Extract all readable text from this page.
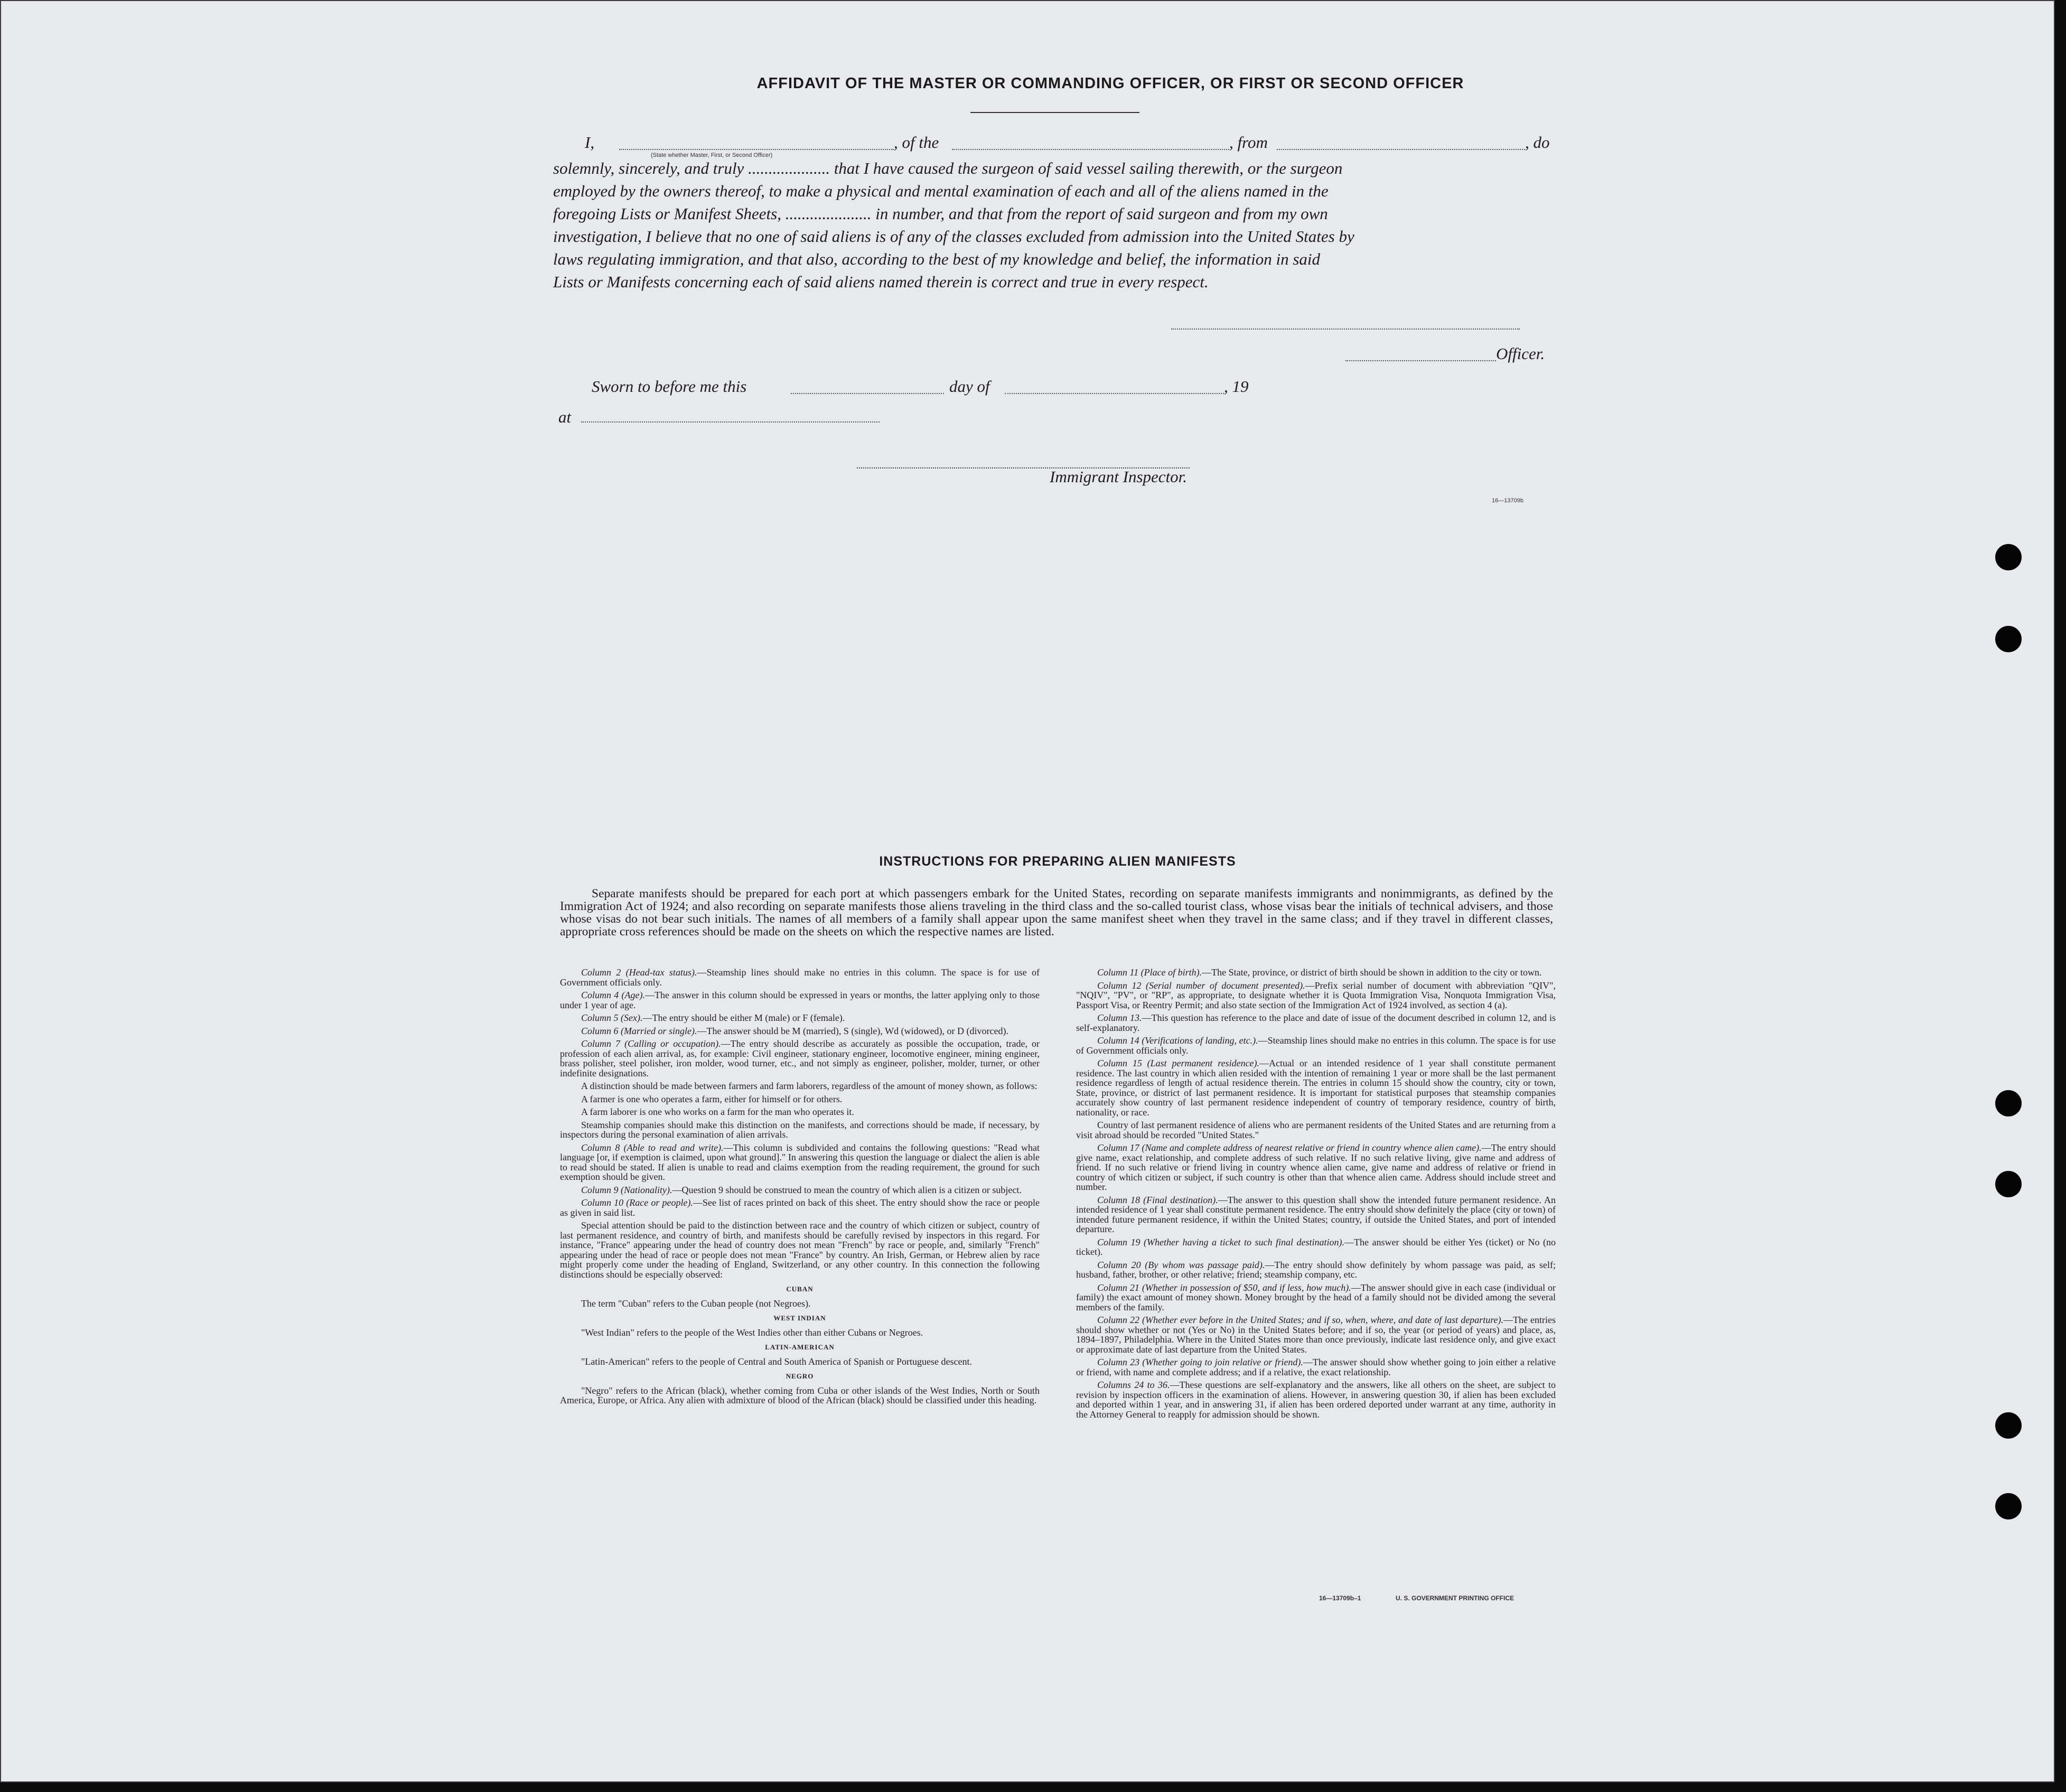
AFFIDAVIT OF THE MASTER OR COMMANDING OFFICER, OR FIRST OR SECOND OFFICER
I,
(State whether Master, First, or Second Officer)
, of the	, from	, do

solemnly, sincerely, and truly .................... that I have caused the surgeon of said vessel sailing therewith, or the surgeon

employed by the owners thereof, to make a physical and mental examination of each and all of the aliens named in the

foregoing Lists or Manifest Sheets, ..................... in number, and that from the report of said surgeon and from my own

investigation, I believe that no one of said aliens is of any of the classes excluded from admission into the United States by

laws regulating immigration, and that also, according to the best of my knowledge and belief, the information in said

Lists or Manifests concerning each of said aliens named therein is correct and true in every respect.

Officer.
Sworn to before me this	day of	, 19
at
Immigrant Inspector.
16—13709b
INSTRUCTIONS FOR PREPARING ALIEN MANIFESTS
Separate manifests should be prepared for each port at which passengers embark for the United States, recording on separate manifests immigrants and nonimmigrants, as defined by the Immigration Act of 1924; and also recording on separate manifests those aliens traveling in the third class and the so-called tourist class, whose visas bear the initials of technical advisers, and those whose visas do not bear such initials. The names of all members of a family shall appear upon the same manifest sheet when they travel in the same class; and if they travel in different classes, appropriate cross references should be made on the sheets on which the respective names are listed.

Column 2 (Head-tax status).—Steamship lines should make no entries in this column. The space is for use of Government officials only.

Column 4 (Age).—The answer in this column should be expressed in years or months, the latter applying only to those under 1 year of age.

Column 5 (Sex).—The entry should be either M (male) or F (female).

Column 6 (Married or single).—The answer should be M (married), S (single), Wd (widowed), or D (divorced).

Column 7 (Calling or occupation).—The entry should describe as accurately as possible the occupation, trade, or profession of each alien arrival, as, for example: Civil engineer, stationary engineer, locomotive engineer, mining engineer, brass polisher, steel polisher, iron molder, wood turner, etc., and not simply as engineer, polisher, molder, turner, or other indefinite designations.

A distinction should be made between farmers and farm laborers, regardless of the amount of money shown, as follows:

A farmer is one who operates a farm, either for himself or for others.

A farm laborer is one who works on a farm for the man who operates it.

Steamship companies should make this distinction on the manifests, and corrections should be made, if necessary, by inspectors during the personal examination of alien arrivals.

Column 8 (Able to read and write).—This column is subdivided and contains the following questions: "Read what language [or, if exemption is claimed, upon what ground]." In answering this question the language or dialect the alien is able to read should be stated. If alien is unable to read and claims exemption from the reading requirement, the ground for such exemption should be given.

Column 9 (Nationality).—Question 9 should be construed to mean the country of which alien is a citizen or subject.

Column 10 (Race or people).—See list of races printed on back of this sheet. The entry should show the race or people as given in said list.

Special attention should be paid to the distinction between race and the country of which citizen or subject, country of last permanent residence, and country of birth, and manifests should be carefully revised by inspectors in this regard. For instance, "France" appearing under the head of country does not mean "French" by race or people, and, similarly "French" appearing under the head of race or people does not mean "France" by country. An Irish, German, or Hebrew alien by race might properly come under the heading of England, Switzerland, or any other country. In this connection the following distinctions should be especially observed:

CUBAN

The term "Cuban" refers to the Cuban people (not Negroes).

WEST INDIAN

"West Indian" refers to the people of the West Indies other than either Cubans or Negroes.

LATIN-AMERICAN

"Latin-American" refers to the people of Central and South America of Spanish or Portuguese descent.

NEGRO

"Negro" refers to the African (black), whether coming from Cuba or other islands of the West Indies, North or South America, Europe, or Africa. Any alien with admixture of blood of the African (black) should be classified under this heading.

Column 11 (Place of birth).—The State, province, or district of birth should be shown in addition to the city or town.

Column 12 (Serial number of document presented).—Prefix serial number of document with abbreviation "QIV", "NQIV", "PV", or "RP", as appropriate, to designate whether it is Quota Immigration Visa, Nonquota Immigration Visa, Passport Visa, or Reentry Permit; and also state section of the Immigration Act of 1924 involved, as section 4 (a).

Column 13.—This question has reference to the place and date of issue of the document described in column 12, and is self-explanatory.

Column 14 (Verifications of landing, etc.).—Steamship lines should make no entries in this column. The space is for use of Government officials only.

Column 15 (Last permanent residence).—Actual or an intended residence of 1 year shall constitute permanent residence. The last country in which alien resided with the intention of remaining 1 year or more shall be the last permanent residence regardless of length of actual residence therein. The entries in column 15 should show the country, city or town, State, province, or district of last permanent residence. It is important for statistical purposes that steamship companies accurately show country of last permanent residence independent of country of temporary residence, country of birth, nationality, or race.

Country of last permanent residence of aliens who are permanent residents of the United States and are returning from a visit abroad should be recorded "United States."

Column 17 (Name and complete address of nearest relative or friend in country whence alien came).—The entry should give name, exact relationship, and complete address of such relative. If no such relative living, give name and address of friend. If no such relative or friend living in country whence alien came, give name and address of relative or friend in country of which citizen or subject, if such country is other than that whence alien came. Address should include street and number.

Column 18 (Final destination).—The answer to this question shall show the intended future permanent residence. An intended residence of 1 year shall constitute permanent residence. The entry should show definitely the place (city or town) of intended future permanent residence, if within the United States; country, if outside the United States, and port of intended departure.

Column 19 (Whether having a ticket to such final destination).—The answer should be either Yes (ticket) or No (no ticket).

Column 20 (By whom was passage paid).—The entry should show definitely by whom passage was paid, as self; husband, father, brother, or other relative; friend; steamship company, etc.

Column 21 (Whether in possession of $50, and if less, how much).—The answer should give in each case (individual or family) the exact amount of money shown. Money brought by the head of a family should not be divided among the several members of the family.

Column 22 (Whether ever before in the United States; and if so, when, where, and date of last departure).—The entries should show whether or not (Yes or No) in the United States before; and if so, the year (or period of years) and place, as, 1894–1897, Philadelphia. Where in the United States more than once previously, indicate last residence only, and give exact or approximate date of last departure from the United States.

Column 23 (Whether going to join relative or friend).—The answer should show whether going to join either a relative or friend, with name and complete address; and if a relative, the exact relationship.

Columns 24 to 36.—These questions are self-explanatory and the answers, like all others on the sheet, are subject to revision by inspection officers in the examination of aliens. However, in answering question 30, if alien has been excluded and deported within 1 year, and in answering 31, if alien has been ordered deported under warrant at any time, authority in the Attorney General to reapply for admission should be shown.

16—13709b–1	U. S. GOVERNMENT PRINTING OFFICE
